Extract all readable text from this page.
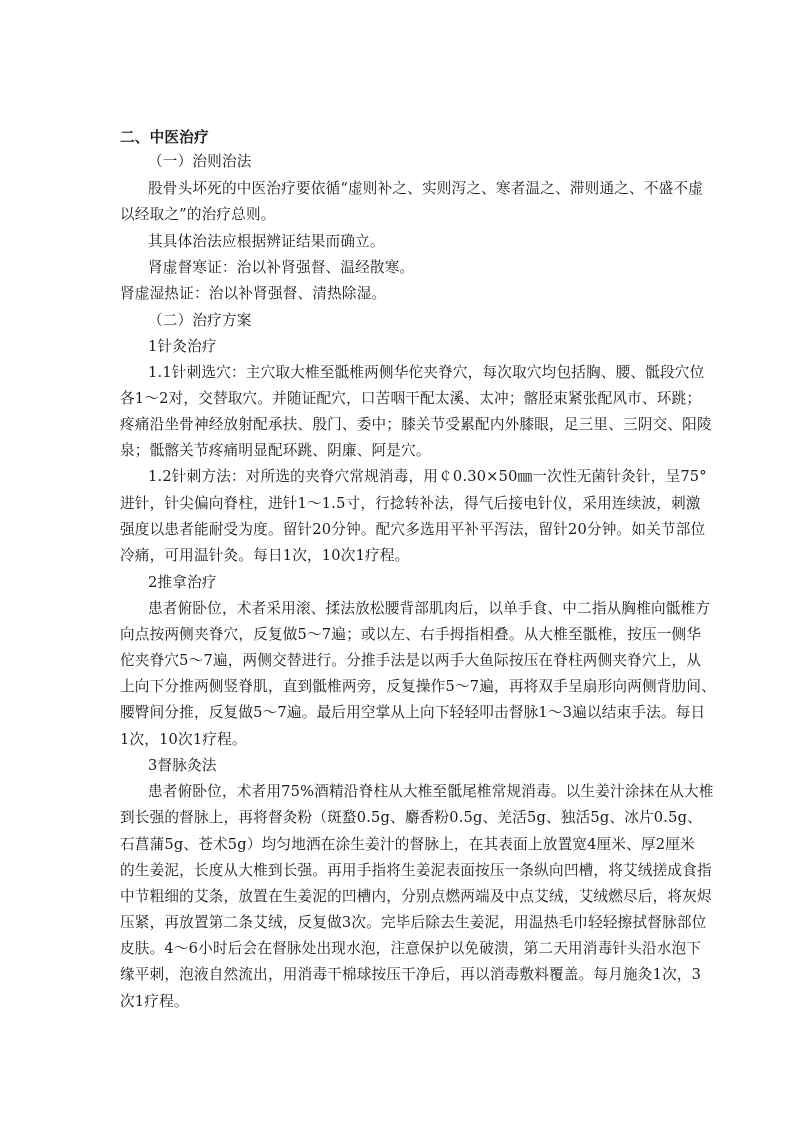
二、中医治疗
（一）治则治法
股骨头坏死的中医治疗要依循“虚则补之、实则泻之、寒者温之、滞则通之、不盛不虚
以经取之”的治疗总则。
其具体治法应根据辨证结果而确立。
肾虚督寒证：治以补肾强督、温经散寒。
肾虚湿热证：治以补肾强督、清热除湿。
（二）治疗方案
1针灸治疗
1.1针刺选穴：主穴取大椎至骶椎两侧华佗夹脊穴，每次取穴均包括胸、腰、骶段穴位
各1～2对，交替取穴。并随证配穴，口苦咽干配太溪、太冲；髂胫束紧张配风市、环跳；
疼痛沿坐骨神经放射配承扶、殷门、委中；膝关节受累配内外膝眼，足三里、三阴交、阳陵
泉；骶髂关节疼痛明显配环跳、阴廉、阿是穴。
1.2针刺方法：对所选的夹脊穴常规消毒，用￠0.30×50㎜一次性无菌针灸针，呈75°
进针，针尖偏向脊柱，进针1～1.5寸，行捻转补法，得气后接电针仪，采用连续波，刺激
强度以患者能耐受为度。留针20分钟。配穴多选用平补平泻法，留针20分钟。如关节部位
冷痛，可用温针灸。每日1次，10次1疗程。
2推拿治疗
患者俯卧位，术者采用滚、揉法放松腰背部肌肉后，以单手食、中二指从胸椎向骶椎方
向点按两侧夹脊穴，反复做5～7遍；或以左、右手拇指相叠。从大椎至骶椎，按压一侧华
佗夹脊穴5～7遍，两侧交替进行。分推手法是以两手大鱼际按压在脊柱两侧夹脊穴上，从
上向下分推两侧竖脊肌，直到骶椎两旁，反复操作5～7遍，再将双手呈扇形向两侧背肋间、
腰臀间分推，反复做5～7遍。最后用空掌从上向下轻轻叩击督脉1～3遍以结束手法。每日
1次，10次1疗程。
3督脉灸法
患者俯卧位，术者用75%酒精沿脊柱从大椎至骶尾椎常规消毒。以生姜汁涂抹在从大椎
到长强的督脉上，再将督灸粉（斑蝥0.5g、麝香粉0.5g、羌活5g、独活5g、冰片0.5g、
石菖蒲5g、苍术5g）均匀地洒在涂生姜汁的督脉上，在其表面上放置宽4厘米、厚2厘米
的生姜泥，长度从大椎到长强。再用手指将生姜泥表面按压一条纵向凹槽，将艾绒搓成食指
中节粗细的艾条，放置在生姜泥的凹槽内，分别点燃两端及中点艾绒，艾绒燃尽后，将灰烬
压紧，再放置第二条艾绒，反复做3次。完毕后除去生姜泥，用温热毛巾轻轻擦拭督脉部位
皮肤。4～6小时后会在督脉处出现水泡，注意保护以免破溃，第二天用消毒针头沿水泡下
缘平刺，泡液自然流出，用消毒干棉球按压干净后，再以消毒敷料覆盖。每月施灸1次，3
次1疗程。
